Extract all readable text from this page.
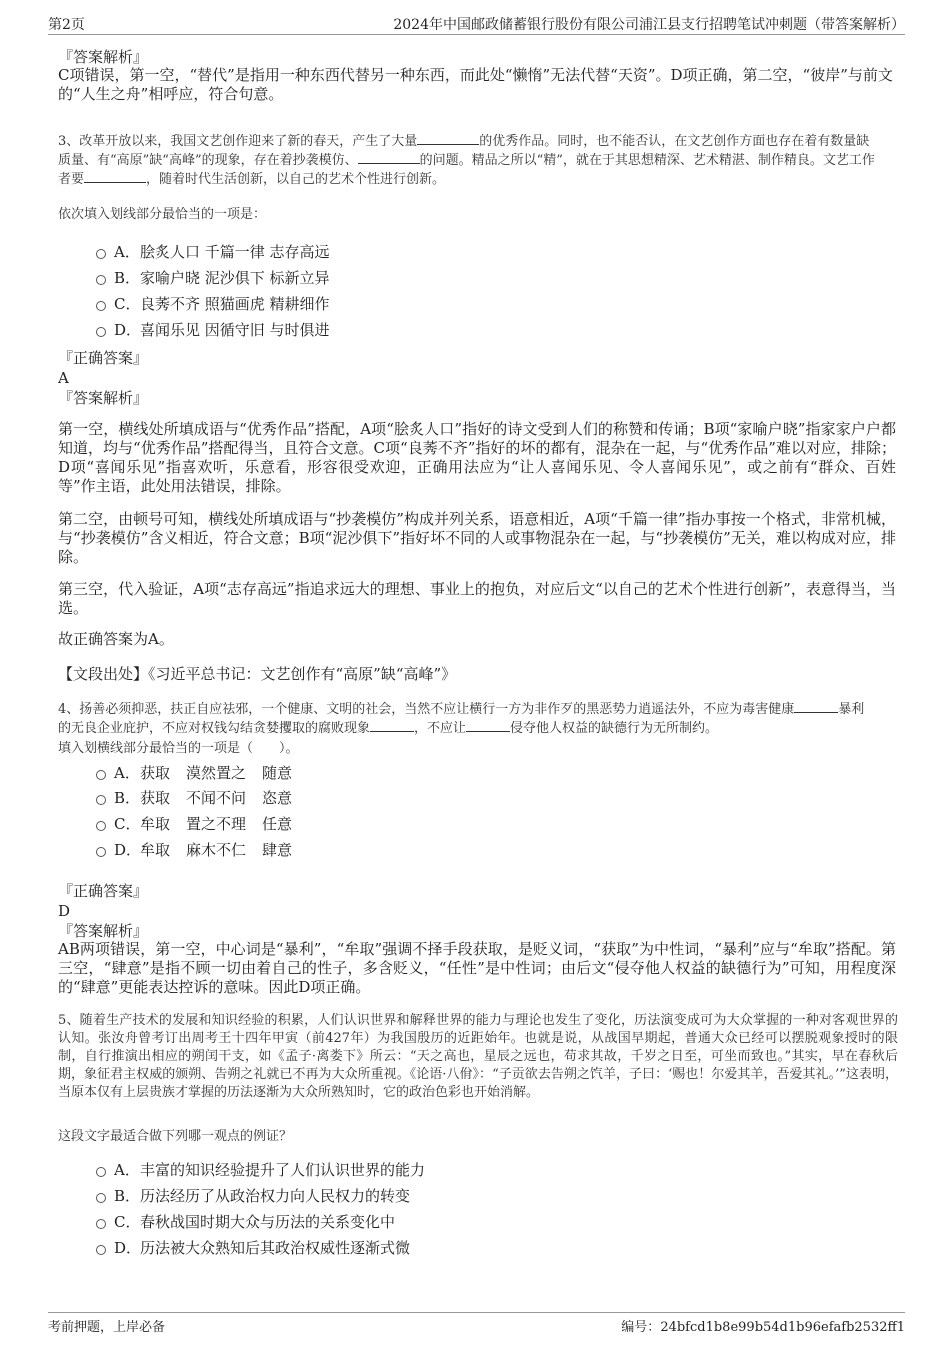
第2页	2024年中国邮政储蓄银行股份有限公司浦江县支行招聘笔试冲刺题（带答案解析）
『答案解析』
C项错误，第一空，“替代”是指用一种东西代替另一种东西，而此处“懒惰”无法代替“天资”。D项正确，第二空，“彼岸”与前文
的“人生之舟”相呼应，符合句意。
3、改革开放以来，我国文艺创作迎来了新的春天，产生了大量	的优秀作品。同时，也不能否认，在文艺创作方面也存在着有数量缺
质量、有“高原”缺“高峰”的现象，存在着抄袭模仿、	的问题。精品之所以“精”，就在于其思想精深、艺术精湛、制作精良。文艺工作
者要	，随着时代生活创新，以自己的艺术个性进行创新。
依次填入划线部分最恰当的一项是：
A．脍炙人口 千篇一律 志存高远
B．家喻户晓 泥沙俱下 标新立异
C．良莠不齐 照猫画虎 精耕细作
D．喜闻乐见 因循守旧 与时俱进
『正确答案』
A
『答案解析』
第一空，横线处所填成语与“优秀作品”搭配，A项“脍炙人口”指好的诗文受到人们的称赞和传诵；B项“家喻户晓”指家家户户都知道，均与“优秀作品”搭配得当，且符合文意。C项“良莠不齐”指好的坏的都有，混杂在一起，与“优秀作品”难以对应，排除；D项“喜闻乐见”指喜欢听，乐意看，形容很受欢迎，正确用法应为“让人喜闻乐见、令人喜闻乐见”，或之前有“群众、百姓等”作主语，此处用法错误，排除。
第二空，由顿号可知，横线处所填成语与“抄袭模仿”构成并列关系，语意相近，A项“千篇一律”指办事按一个格式，非常机械，与“抄袭模仿”含义相近，符合文意；B项“泥沙俱下”指好坏不同的人或事物混杂在一起，与“抄袭模仿”无关，难以构成对应，排除。
第三空，代入验证，A项“志存高远”指追求远大的理想、事业上的抱负，对应后文“以自己的艺术个性进行创新”，表意得当，当选。
故正确答案为A。
【文段出处】《习近平总书记：文艺创作有“高原”缺“高峰”》
4、扬善必须抑恶，扶正自应祛邪，一个健康、文明的社会，当然不应让横行一方为非作歹的黑恶势力逍遥法外，不应为毒害健康	暴利
的无良企业庇护，不应对权钱勾结贪婪攫取的腐败现象	，不应让	侵夺他人权益的缺德行为无所制约。
填入划横线部分最恰当的一项是（　　）。
A．获取 漠然置之 随意
B．获取 不闻不问 恣意
C．牟取 置之不理 任意
D．牟取 麻木不仁 肆意
『正确答案』
D
『答案解析』
AB两项错误，第一空，中心词是“暴利”，“牟取”强调不择手段获取，是贬义词，“获取”为中性词，“暴利”应与“牟取”搭配。第三空，“肆意”是指不顾一切由着自己的性子，多含贬义，“任性”是中性词；由后文“侵夺他人权益的缺德行为”可知，用程度深的“肆意”更能表达控诉的意味。因此D项正确。
5、随着生产技术的发展和知识经验的积累，人们认识世界和解释世界的能力与理论也发生了变化，历法演变成可为大众掌握的一种对客观世界的认知。张汝舟曾考订出周考王十四年甲寅（前427年）为我国殷历的近距始年。也就是说，从战国早期起，普通大众已经可以摆脱观象授时的限制，自行推演出相应的朔闰干支，如《孟子·离娄下》所云：“天之高也，星辰之远也，苟求其故，千岁之日至，可坐而致也。”其实，早在春秋后期，象征君主权威的颁朔、告朔之礼就已不再为大众所重视。《论语·八佾》：“子贡欲去告朔之饩羊，子曰：‘赐也！尔爱其羊，吾爱其礼。’”这表明，当原本仅有上层贵族才掌握的历法逐渐为大众所熟知时，它的政治色彩也开始消解。
这段文字最适合做下列哪一观点的例证？
A．丰富的知识经验提升了人们认识世界的能力
B．历法经历了从政治权力向人民权力的转变
C．春秋战国时期大众与历法的关系变化中
D．历法被大众熟知后其政治权威性逐渐式微
考前押题，上岸必备	编号：24bfcd1b8e99b54d1b96efafb2532ff1
